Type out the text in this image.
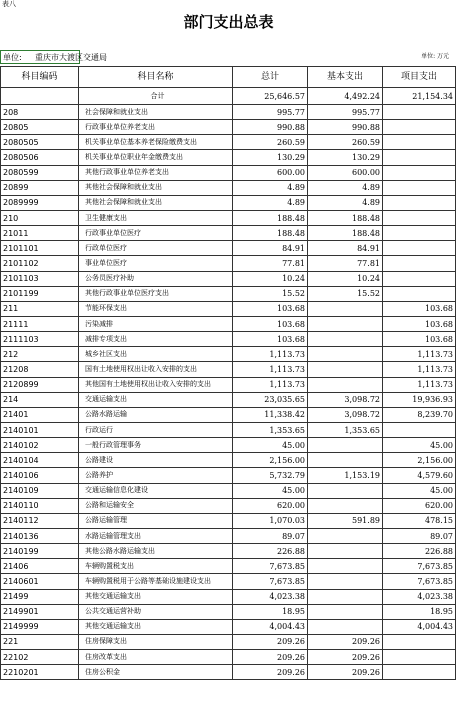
表八
部门支出总表
单位: 重庆市大渡区交通局	单位: 万元
科目编码	科目名称	总计	基本支出	项目支出
	合计	25,646.57	4,492.24	21,154.34
208	社会保障和就业支出	995.77	995.77	
20805	行政事业单位养老支出	990.88	990.88	
2080505	机关事业单位基本养老保险缴费支出	260.59	260.59	
2080506	机关事业单位职业年金缴费支出	130.29	130.29	
2080599	其他行政事业单位养老支出	600.00	600.00	
20899	其他社会保障和就业支出	4.89	4.89	
2089999	其他社会保障和就业支出	4.89	4.89	
210	卫生健康支出	188.48	188.48	
21011	行政事业单位医疗	188.48	188.48	
2101101	行政单位医疗	84.91	84.91	
2101102	事业单位医疗	77.81	77.81	
2101103	公务员医疗补助	10.24	10.24	
2101199	其他行政事业单位医疗支出	15.52	15.52	
211	节能环保支出	103.68		103.68
21111	污染减排	103.68		103.68
2111103	减排专项支出	103.68		103.68
212	城乡社区支出	1,113.73		1,113.73
21208	国有土地使用权出让收入安排的支出	1,113.73		1,113.73
2120899	其他国有土地使用权出让收入安排的支出	1,113.73		1,113.73
214	交通运输支出	23,035.65	3,098.72	19,936.93
21401	公路水路运输	11,338.42	3,098.72	8,239.70
2140101	行政运行	1,353.65	1,353.65	
2140102	一般行政管理事务	45.00		45.00
2140104	公路建设	2,156.00		2,156.00
2140106	公路养护	5,732.79	1,153.19	4,579.60
2140109	交通运输信息化建设	45.00		45.00
2140110	公路和运输安全	620.00		620.00
2140112	公路运输管理	1,070.03	591.89	478.15
2140136	水路运输管理支出	89.07		89.07
2140199	其他公路水路运输支出	226.88		226.88
21406	车辆购置税支出	7,673.85		7,673.85
2140601	车辆购置税用于公路等基础设施建设支出	7,673.85		7,673.85
21499	其他交通运输支出	4,023.38		4,023.38
2149901	公共交通运营补助	18.95		18.95
2149999	其他交通运输支出	4,004.43		4,004.43
221	住房保障支出	209.26	209.26	
22102	住房改革支出	209.26	209.26	
2210201	住房公积金	209.26	209.26	
